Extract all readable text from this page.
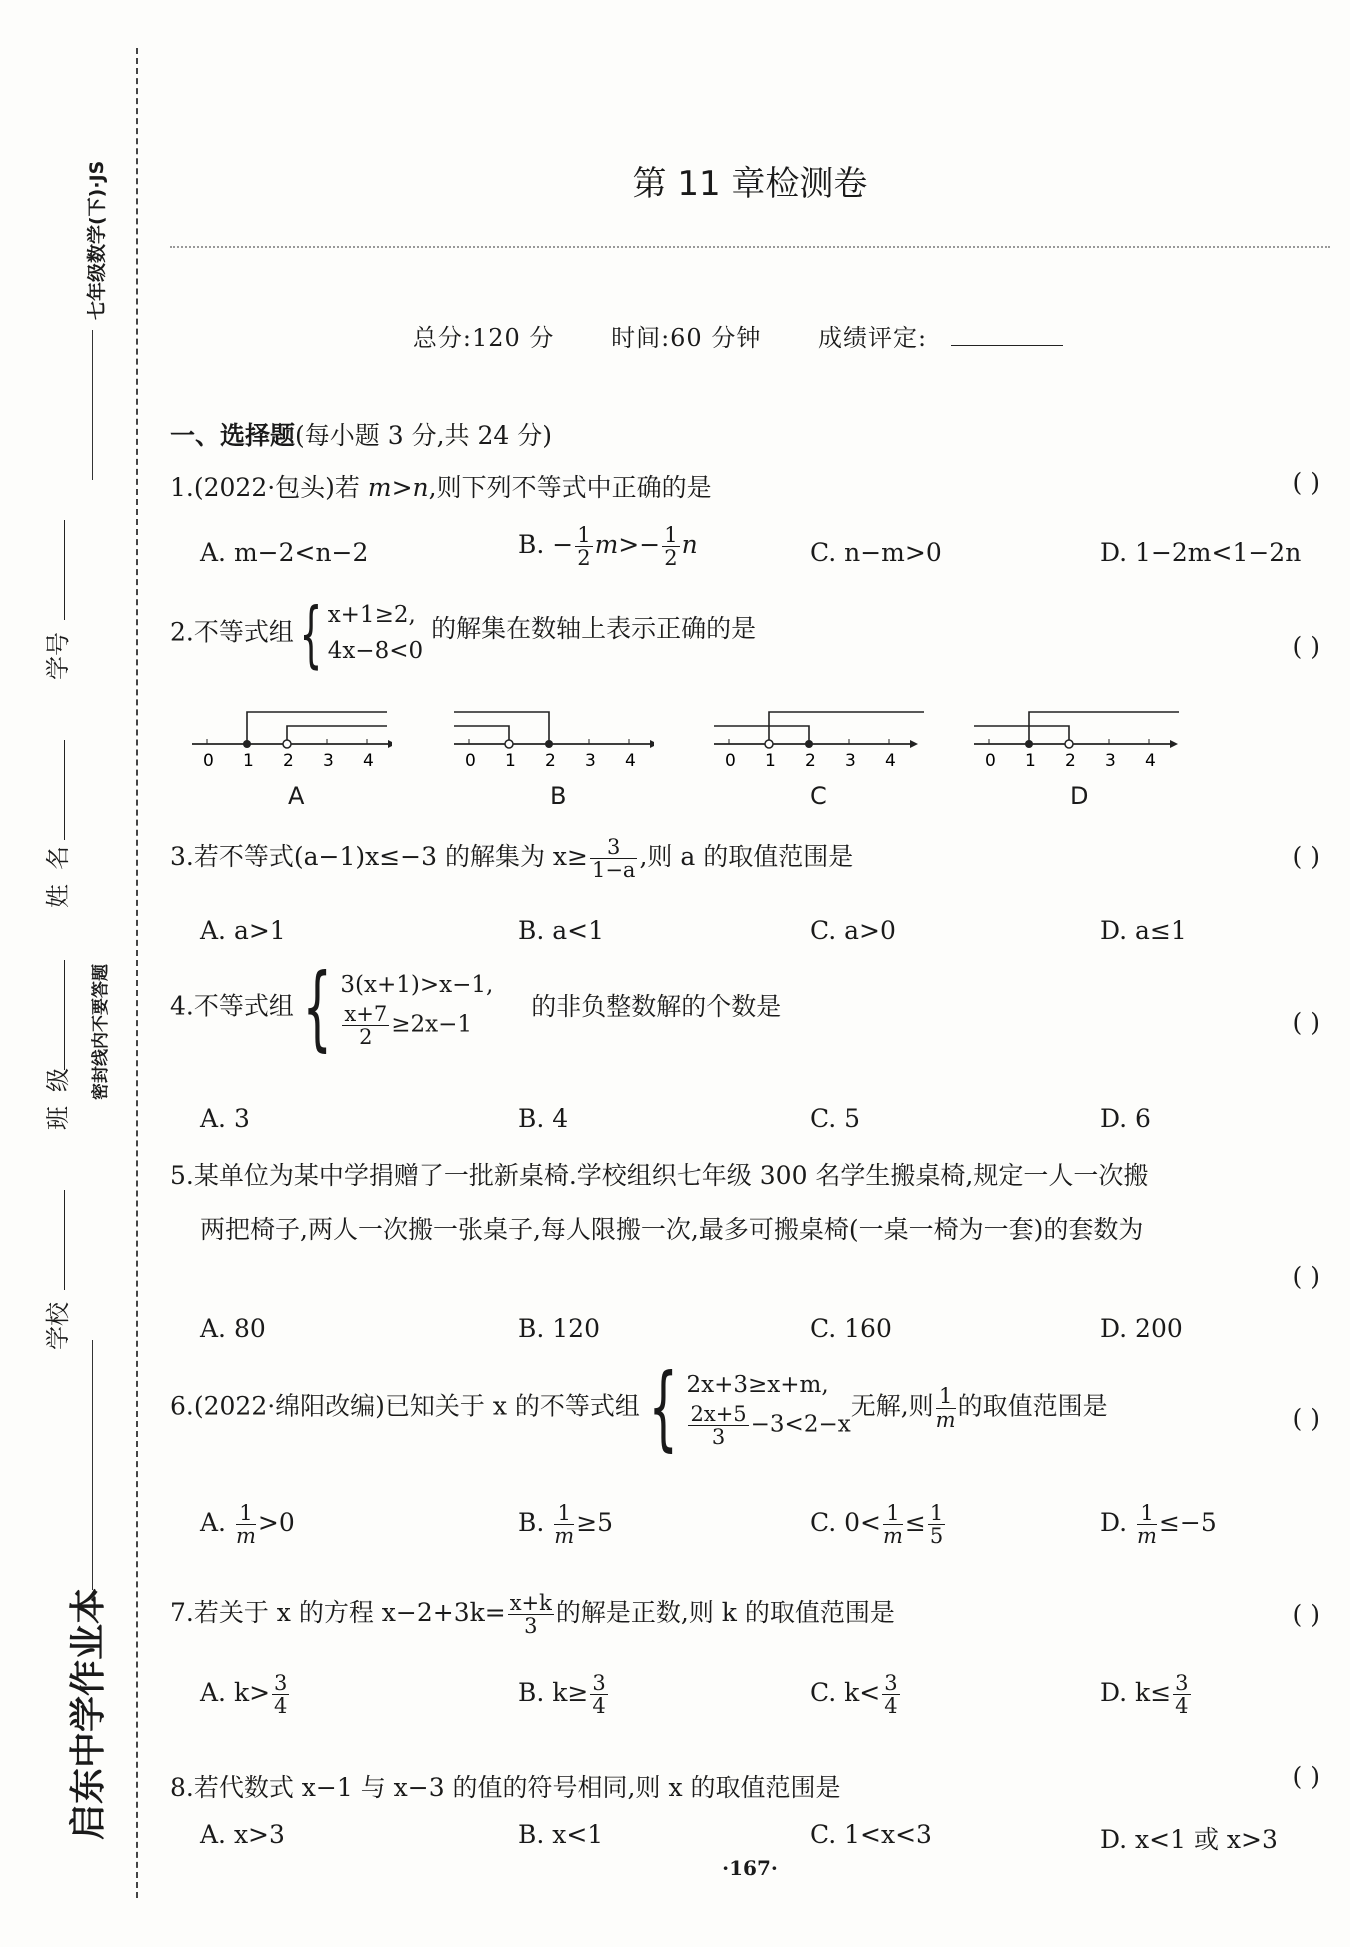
七年级数学(下)·JS
学号
姓名
密封线内不要答题
班级
学校
启东中学作业本
第 11 章检测卷
总分:120 分 时间:60 分钟 成绩评定:
一、选择题(每小题 3 分,共 24 分)
1.(2022·包头)若 m>n,则下列不等式中正确的是	( )
A. m−2<n−2	B. − $\frac{1}{2} m>- \frac{1}{2}$ n	C. n−m>0	D. 1−2m<1−2n
2.不等式组 { x+1≥2,
4x−8<0
的解集在数轴上表示正确的是
( )
0 1 2 3 4
A
0 1 2 3 4
B
0 1 2 3 4
C
0 1 2 3 4
D
3.若不等式(a−1)x≤−3 的解集为 $x\ge \frac{3}{1-a}$ ,则 a 的取值范围是	( )
A. a>1	B. a<1	C. a>0	D. a≤1
4.不等式组 { 3(x+1)>x−1,
$\frac{x+7}{2} \ge 2x-1$
的非负整数解的个数是
( )
A. 3	B. 4	C. 5	D. 6
5.某单位为某中学捐赠了一批新桌椅.学校组织七年级 300 名学生搬桌椅,规定一人一次搬
两把椅子,两人一次搬一张桌子,每人限搬一次,最多可搬桌椅(一桌一椅为一套)的套数为
( )
A. 80	B. 120	C. 160	D. 200
6.(2022·绵阳改编)已知关于 x 的不等式组 { 2x+3≥x+m,
$\frac{2x+5}{3} -3<2-x$
无解,则 $\frac{1}{m}$的取值范围是	( )
A. $\frac{1}{m}>0$	B. $\frac{1}{m}\ge 5$	C. $0< \frac{1}{m}\le \frac{1}{5}$	D. $\frac{1}{m}\le-5$
7.若关于 x 的方程 $x-2+3k= \frac{x+k}{3}$ 的解是正数,则 k 的取值范围是	( )
A. $k> \frac{3}{4}$	B. $k\ge \frac{3}{4}$	C. $k< \frac{3}{4}$	D. $k\le \frac{3}{4}$
8.若代数式 x−1 与 x−3 的值的符号相同,则 x 的取值范围是	( )
A. x>3	B. x<1	C. 1<x<3	D. x<1 或 x>3
·167·
